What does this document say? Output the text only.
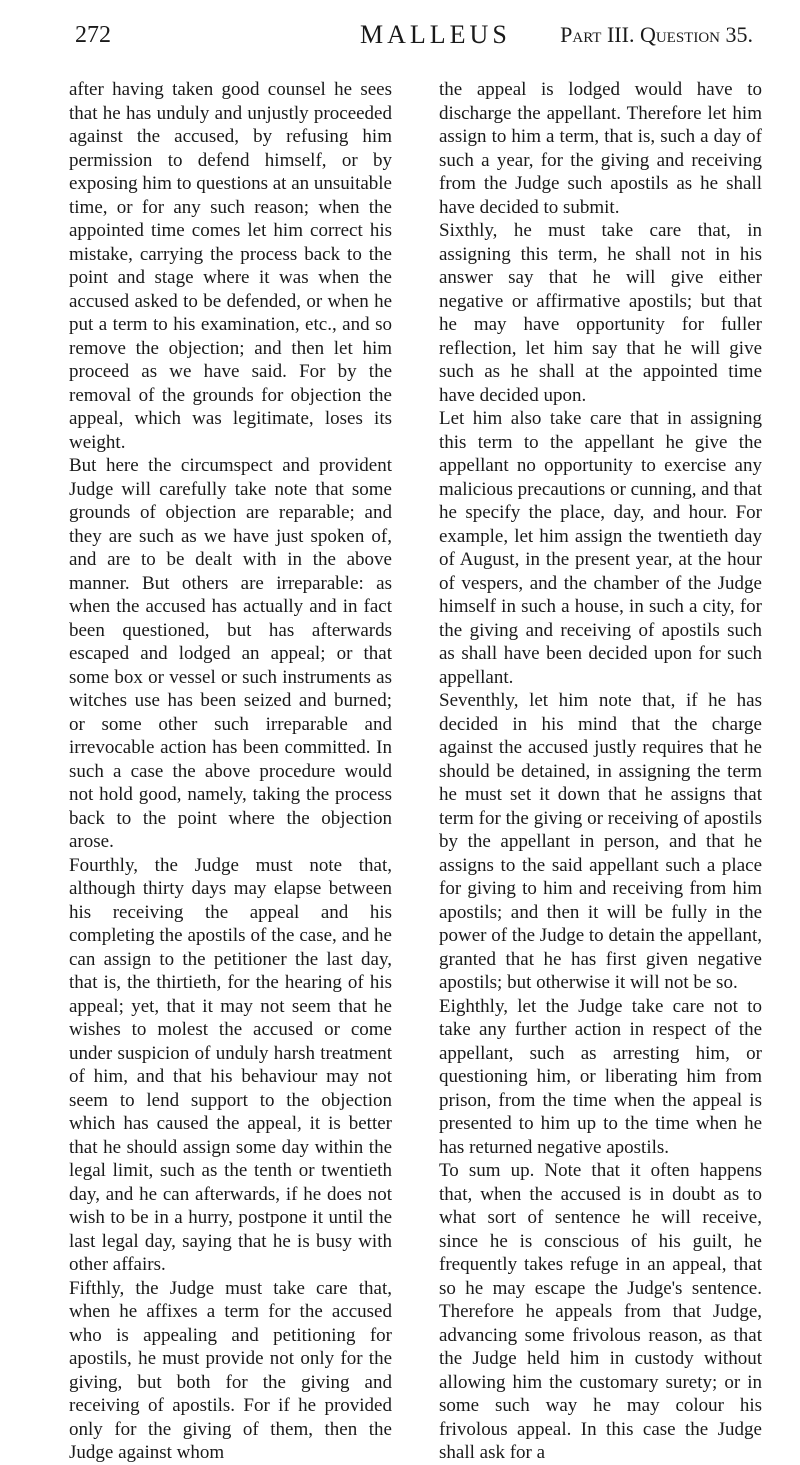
272	MALLEUS Part III. Question 35.

after having taken good counsel he sees that he has unduly and unjustly proceeded against the accused, by refusing him permission to defend himself, or by exposing him to questions at an unsuitable time, or for any such reason; when the appointed time comes let him correct his mistake, carrying the process back to the point and stage where it was when the accused asked to be defended, or when he put a term to his examination, etc., and so remove the objection; and then let him proceed as we have said. For by the removal of the grounds for objection the appeal, which was legitimate, loses its weight.

But here the circumspect and provident Judge will carefully take note that some grounds of objection are reparable; and they are such as we have just spoken of, and are to be dealt with in the above manner. But others are irreparable: as when the accused has actually and in fact been questioned, but has afterwards escaped and lodged an appeal; or that some box or vessel or such instruments as witches use has been seized and burned; or some other such irreparable and irrevocable action has been committed. In such a case the above procedure would not hold good, namely, taking the process back to the point where the objection arose.

Fourthly, the Judge must note that, although thirty days may elapse between his receiving the appeal and his completing the apostils of the case, and he can assign to the petitioner the last day, that is, the thirtieth, for the hearing of his appeal; yet, that it may not seem that he wishes to molest the accused or come under suspicion of unduly harsh treatment of him, and that his behaviour may not seem to lend support to the objection which has caused the appeal, it is better that he should assign some day within the legal limit, such as the tenth or twentieth day, and he can afterwards, if he does not wish to be in a hurry, postpone it until the last legal day, saying that he is busy with other affairs.

Fifthly, the Judge must take care that, when he affixes a term for the accused who is appealing and petitioning for apostils, he must provide not only for the giving, but both for the giving and receiving of apostils. For if he provided only for the giving of them, then the Judge against whom

the appeal is lodged would have to discharge the appellant. Therefore let him assign to him a term, that is, such a day of such a year, for the giving and receiving from the Judge such apostils as he shall have decided to submit.

Sixthly, he must take care that, in assigning this term, he shall not in his answer say that he will give either negative or affirmative apostils; but that he may have opportunity for fuller reflection, let him say that he will give such as he shall at the appointed time have decided upon.

Let him also take care that in assigning this term to the appellant he give the appellant no opportunity to exercise any malicious precautions or cunning, and that he specify the place, day, and hour. For example, let him assign the twentieth day of August, in the present year, at the hour of vespers, and the chamber of the Judge himself in such a house, in such a city, for the giving and receiving of apostils such as shall have been decided upon for such appellant.

Seventhly, let him note that, if he has decided in his mind that the charge against the accused justly requires that he should be detained, in assigning the term he must set it down that he assigns that term for the giving or receiving of apostils by the appellant in person, and that he assigns to the said appellant such a place for giving to him and receiving from him apostils; and then it will be fully in the power of the Judge to detain the appellant, granted that he has first given negative apostils; but otherwise it will not be so.

Eighthly, let the Judge take care not to take any further action in respect of the appellant, such as arresting him, or questioning him, or liberating him from prison, from the time when the appeal is presented to him up to the time when he has returned negative apostils.

To sum up. Note that it often happens that, when the accused is in doubt as to what sort of sentence he will receive, since he is conscious of his guilt, he frequently takes refuge in an appeal, that so he may escape the Judge's sentence. Therefore he appeals from that Judge, advancing some frivolous reason, as that the Judge held him in custody without allowing him the customary surety; or in some such way he may colour his frivolous appeal. In this case the Judge shall ask for a
